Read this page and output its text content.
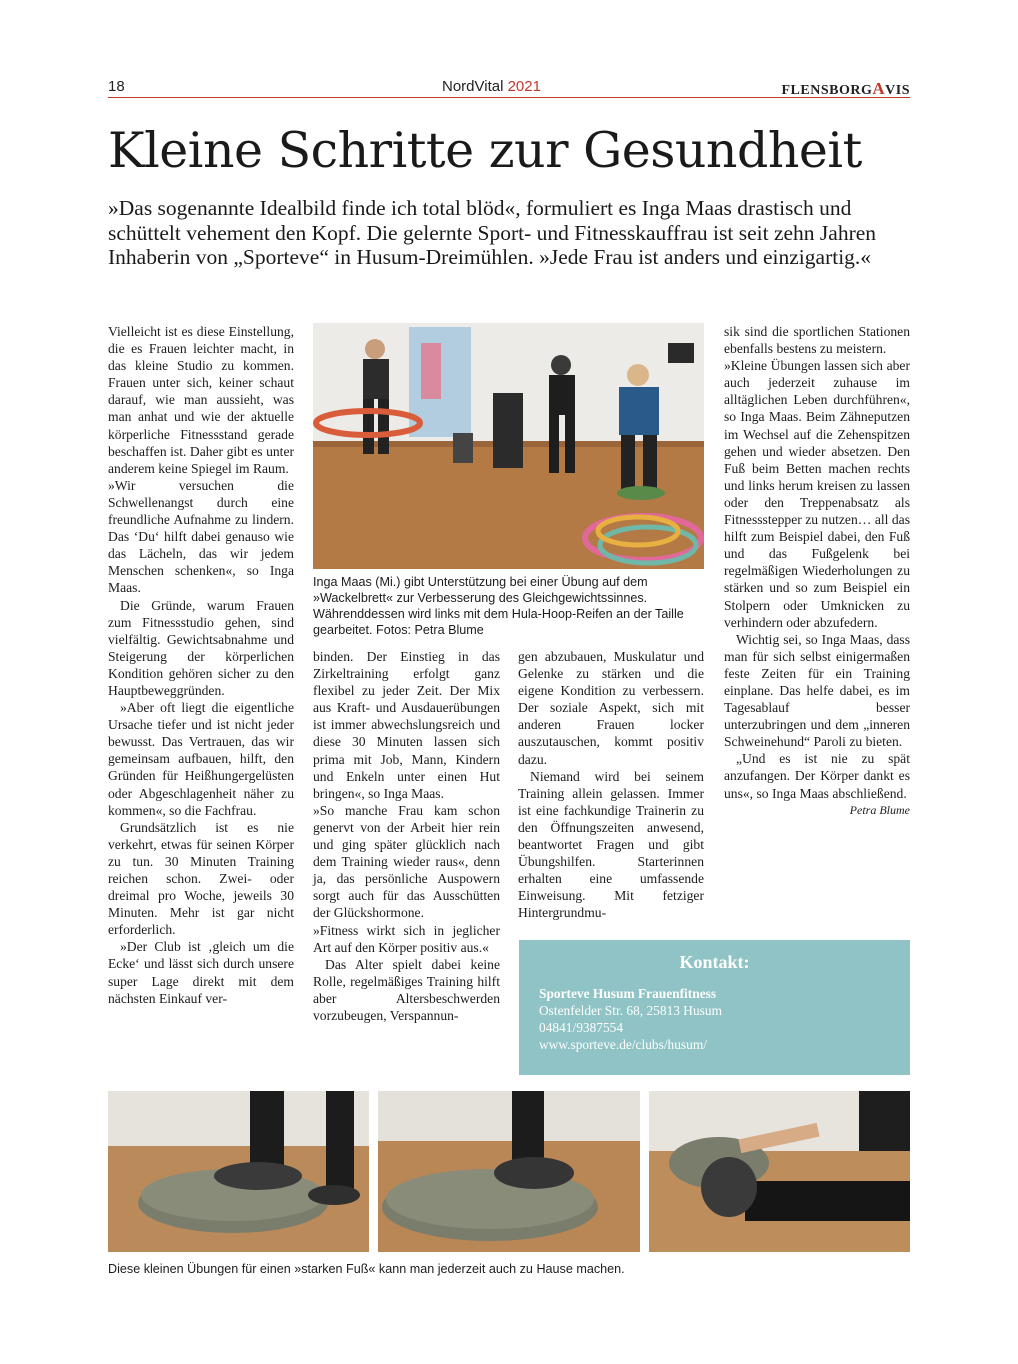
18	NordVital 2021	FLENSBORGAVIS
Kleine Schritte zur Gesundheit

»Das sogenannte Idealbild finde ich total blöd«, formuliert es Inga Maas drastisch und schüttelt vehement den Kopf. Die gelernte Sport- und Fitnesskauffrau ist seit zehn Jahren Inhaberin von „Sporteve“ in Husum-Dreimühlen. »Jede Frau ist anders und einzigartig.«

Vielleicht ist es diese Einstellung, die es Frauen leichter macht, in das kleine Studio zu kommen. Frauen unter sich, keiner schaut darauf, wie man aussieht, was man anhat und wie der aktuelle körperliche Fitnessstand gerade beschaffen ist. Daher gibt es unter anderem keine Spiegel im Raum.

»Wir versuchen die Schwellenangst durch eine freundliche Aufnahme zu lindern. Das ‘Du‘ hilft dabei genauso wie das Lächeln, das wir jedem Menschen schenken«, so Inga Maas.

Die Gründe, warum Frauen zum Fitnessstudio gehen, sind vielfältig. Gewichtsabnahme und Steigerung der körperlichen Kondition gehören sicher zu den Hauptbeweggründen.

»Aber oft liegt die eigentliche Ursache tiefer und ist nicht jeder bewusst. Das Vertrauen, das wir gemeinsam aufbauen, hilft, den Gründen für Heißhungergelüsten oder Abgeschlagenheit näher zu kommen«, so die Fachfrau.

Grundsätzlich ist es nie verkehrt, etwas für seinen Körper zu tun. 30 Minuten Training reichen schon. Zwei- oder dreimal pro Woche, jeweils 30 Minuten. Mehr ist gar nicht erforderlich.

»Der Club ist ‚gleich um die Ecke‘ und lässt sich durch unsere super Lage direkt mit dem nächsten Einkauf ver-

Inga Maas (Mi.) gibt Unterstützung bei einer Übung auf dem »Wackelbrett« zur Verbesserung des Gleichgewichtssinnes. Währenddessen wird links mit dem Hula-Hoop-Reifen an der Taille gearbeitet. Fotos: Petra Blume

binden. Der Einstieg in das Zirkeltraining erfolgt ganz flexibel zu jeder Zeit. Der Mix aus Kraft- und Ausdauerübungen ist immer abwechslungsreich und diese 30 Minuten lassen sich prima mit Job, Mann, Kindern und Enkeln unter einen Hut bringen«, so Inga Maas.

»So manche Frau kam schon genervt von der Arbeit hier rein und ging später glücklich nach dem Training wieder raus«, denn ja, das persönliche Auspowern sorgt auch für das Ausschütten der Glückshormone.

»Fitness wirkt sich in jeglicher Art auf den Körper positiv aus.«

Das Alter spielt dabei keine Rolle, regelmäßiges Training hilft aber Altersbeschwerden vorzubeugen, Verspannun-

gen abzubauen, Muskulatur und Gelenke zu stärken und die eigene Kondition zu verbessern. Der soziale Aspekt, sich mit anderen Frauen locker auszutauschen, kommt positiv dazu.

Niemand wird bei seinem Training allein gelassen. Immer ist eine fachkundige Trainerin zu den Öffnungszeiten anwesend, beantwortet Fragen und gibt Übungshilfen. Starterinnen erhalten eine umfassende Einweisung. Mit fetziger Hintergrundmu-

sik sind die sportlichen Stationen ebenfalls bestens zu meistern.

»Kleine Übungen lassen sich aber auch jederzeit zuhause im alltäglichen Leben durchführen«, so Inga Maas. Beim Zähneputzen im Wechsel auf die Zehenspitzen gehen und wieder absetzen. Den Fuß beim Betten machen rechts und links herum kreisen zu lassen oder den Treppenabsatz als Fitnessstepper zu nutzen… all das hilft zum Beispiel dabei, den Fuß und das Fußgelenk bei regelmäßigen Wiederholungen zu stärken und so zum Beispiel ein Stolpern oder Umknicken zu verhindern oder abzufedern.

Wichtig sei, so Inga Maas, dass man für sich selbst einigermaßen feste Zeiten für ein Training einplane. Das helfe dabei, es im Tagesablauf besser unterzubringen und dem „inneren Schweinehund“ Paroli zu bieten.

„Und es ist nie zu spät anzufangen. Der Körper dankt es uns«, so Inga Maas abschließend.

Petra Blume

Kontakt:
Sporteve Husum Frauenfitness
Ostenfelder Str. 68, 25813 Husum
04841/9387554
www.sporteve.de/clubs/husum/

Diese kleinen Übungen für einen »starken Fuß« kann man jederzeit auch zu Hause machen.
